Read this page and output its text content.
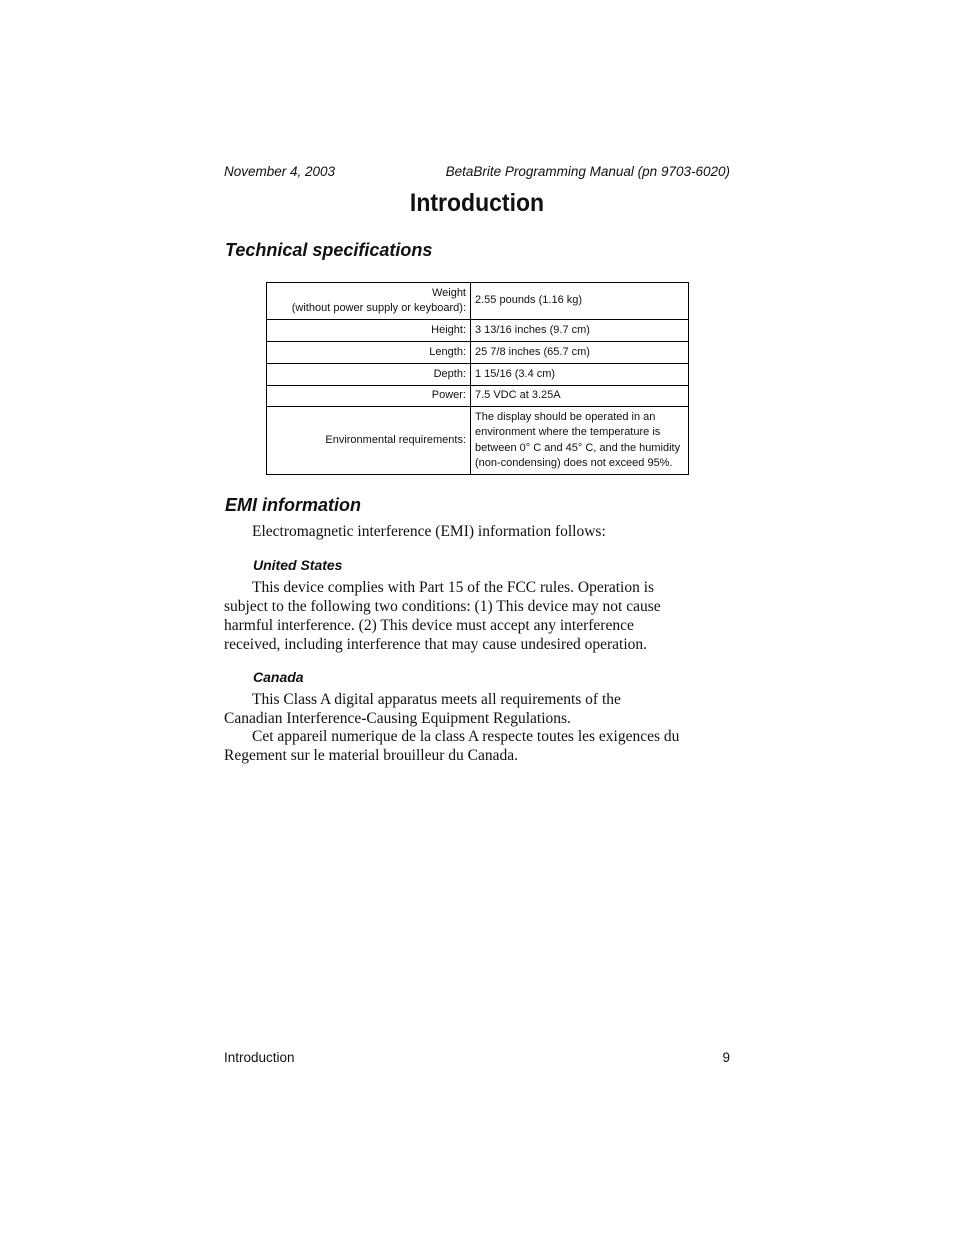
November 4, 2003	BetaBrite Programming Manual (pn 9703-6020)
Introduction
Technical specifications
Weight
(without power supply or keyboard):	2.55 pounds (1.16 kg)
Height:	3 13/16 inches (9.7 cm)
Length:	25 7/8 inches (65.7 cm)
Depth:	1 15/16 (3.4 cm)
Power:	7.5 VDC at 3.25A
Environmental requirements:	The display should be operated in an
environment where the temperature is
between 0° C and 45° C, and the humidity
(non-condensing) does not exceed 95%.
EMI information
Electromagnetic interference (EMI) information follows:
United States
This device complies with Part 15 of the FCC rules. Operation is
subject to the following two conditions: (1) This device may not cause
harmful interference. (2) This device must accept any interference
received, including interference that may cause undesired operation.
Canada
This Class A digital apparatus meets all requirements of the
Canadian Interference-Causing Equipment Regulations.
Cet appareil numerique de la class A respecte toutes les exigences du
Regement sur le material brouilleur du Canada.
Introduction	9
